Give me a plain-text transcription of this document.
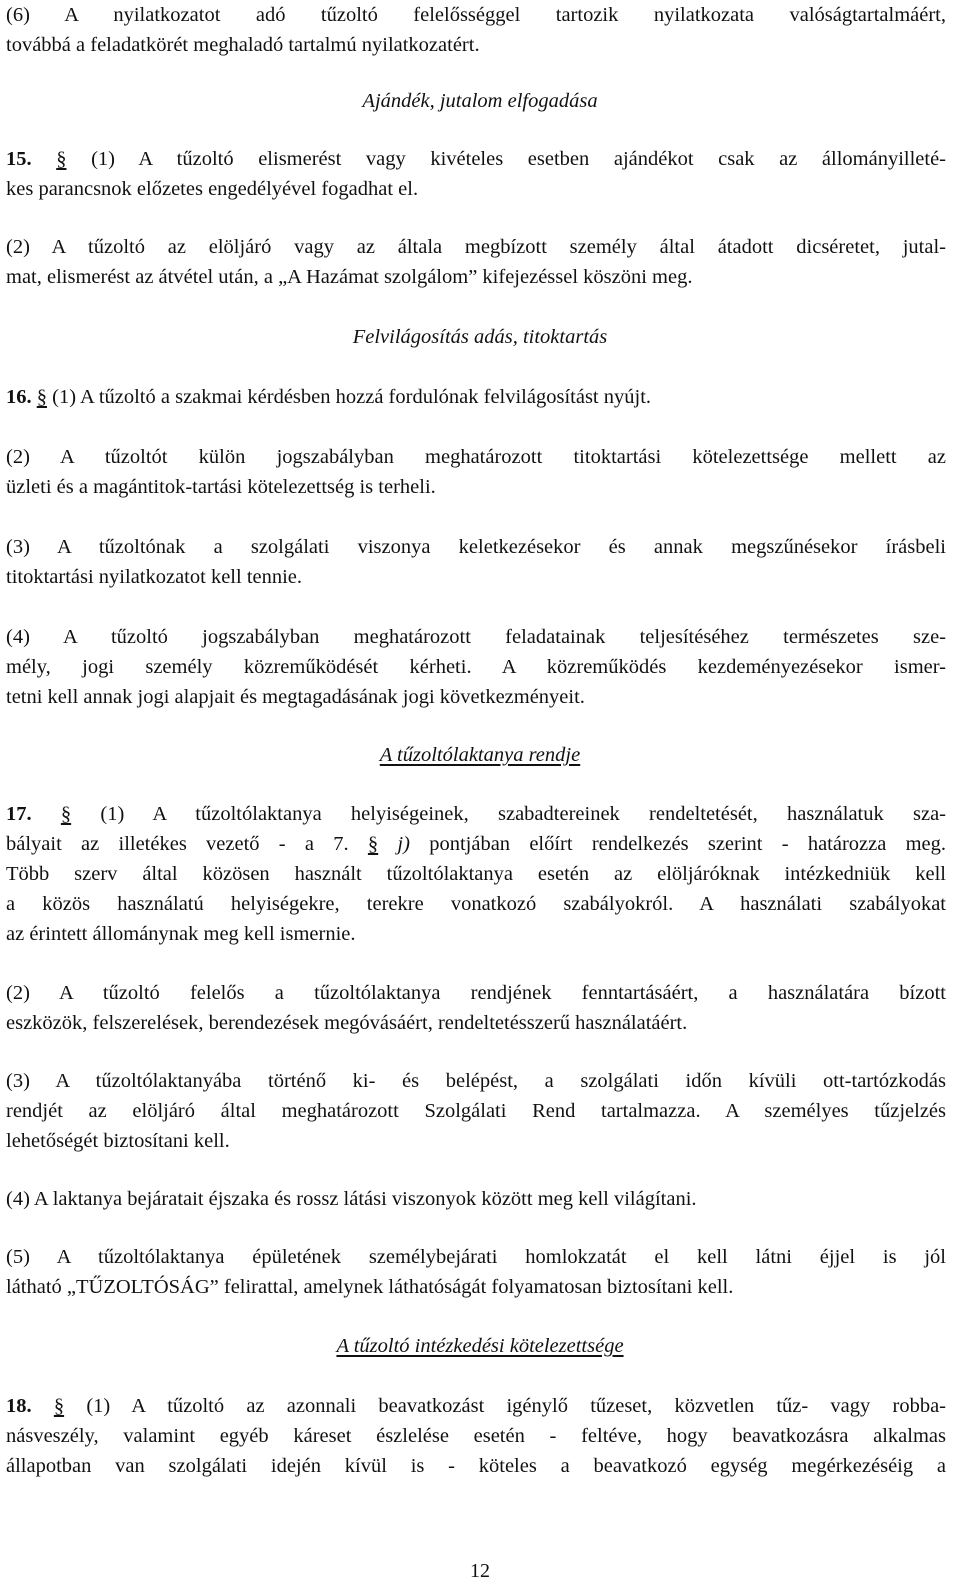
(6) A nyilatkozatot adó tűzoltó felelősséggel tartozik nyilatkozata valóságtartalmáért,
továbbá a feladatkörét meghaladó tartalmú nyilatkozatért.
Ajándék, jutalom elfogadása
15. § (1) A tűzoltó elismerést vagy kivételes esetben ajándékot csak az állományilleté-
kes parancsnok előzetes engedélyével fogadhat el.
(2) A tűzoltó az elöljáró vagy az általa megbízott személy által átadott dicséretet, jutal-
mat, elismerést az átvétel után, a „A Hazámat szolgálom” kifejezéssel köszöni meg.
Felvilágosítás adás, titoktartás
16. § (1) A tűzoltó a szakmai kérdésben hozzá fordulónak felvilágosítást nyújt.
(2) A tűzoltót külön jogszabályban meghatározott titoktartási kötelezettsége mellett az
üzleti és a magántitok-tartási kötelezettség is terheli.
(3) A tűzoltónak a szolgálati viszonya keletkezésekor és annak megszűnésekor írásbeli
titoktartási nyilatkozatot kell tennie.
(4) A tűzoltó jogszabályban meghatározott feladatainak teljesítéséhez természetes sze-
mély, jogi személy közreműködését kérheti. A közreműködés kezdeményezésekor ismer-
tetni kell annak jogi alapjait és megtagadásának jogi következményeit.
A tűzoltólaktanya rendje
17. § (1) A tűzoltólaktanya helyiségeinek, szabadtereinek rendeltetését, használatuk sza-
bályait az illetékes vezető - a 7. § j) pontjában előírt rendelkezés szerint - határozza meg.
Több szerv által közösen használt tűzoltólaktanya esetén az elöljáróknak intézkedniük kell
a közös használatú helyiségekre, terekre vonatkozó szabályokról. A használati szabályokat
az érintett állománynak meg kell ismernie.
(2) A tűzoltó felelős a tűzoltólaktanya rendjének fenntartásáért, a használatára bízott
eszközök, felszerelések, berendezések megóvásáért, rendeltetésszerű használatáért.
(3) A tűzoltólaktanyába történő ki- és belépést, a szolgálati időn kívüli ott-tartózkodás
rendjét az elöljáró által meghatározott Szolgálati Rend tartalmazza. A személyes tűzjelzés
lehetőségét biztosítani kell.
(4) A laktanya bejáratait éjszaka és rossz látási viszonyok között meg kell világítani.
(5) A tűzoltólaktanya épületének személybejárati homlokzatát el kell látni éjjel is jól
látható „TŰZOLTÓSÁG” felirattal, amelynek láthatóságát folyamatosan biztosítani kell.
A tűzoltó intézkedési kötelezettsége
18. § (1) A tűzoltó az azonnali beavatkozást igénylő tűzeset, közvetlen tűz- vagy robba-
násveszély, valamint egyéb káreset észlelése esetén - feltéve, hogy beavatkozásra alkalmas
állapotban van szolgálati idején kívül is - köteles a beavatkozó egység megérkezéséig a
12
